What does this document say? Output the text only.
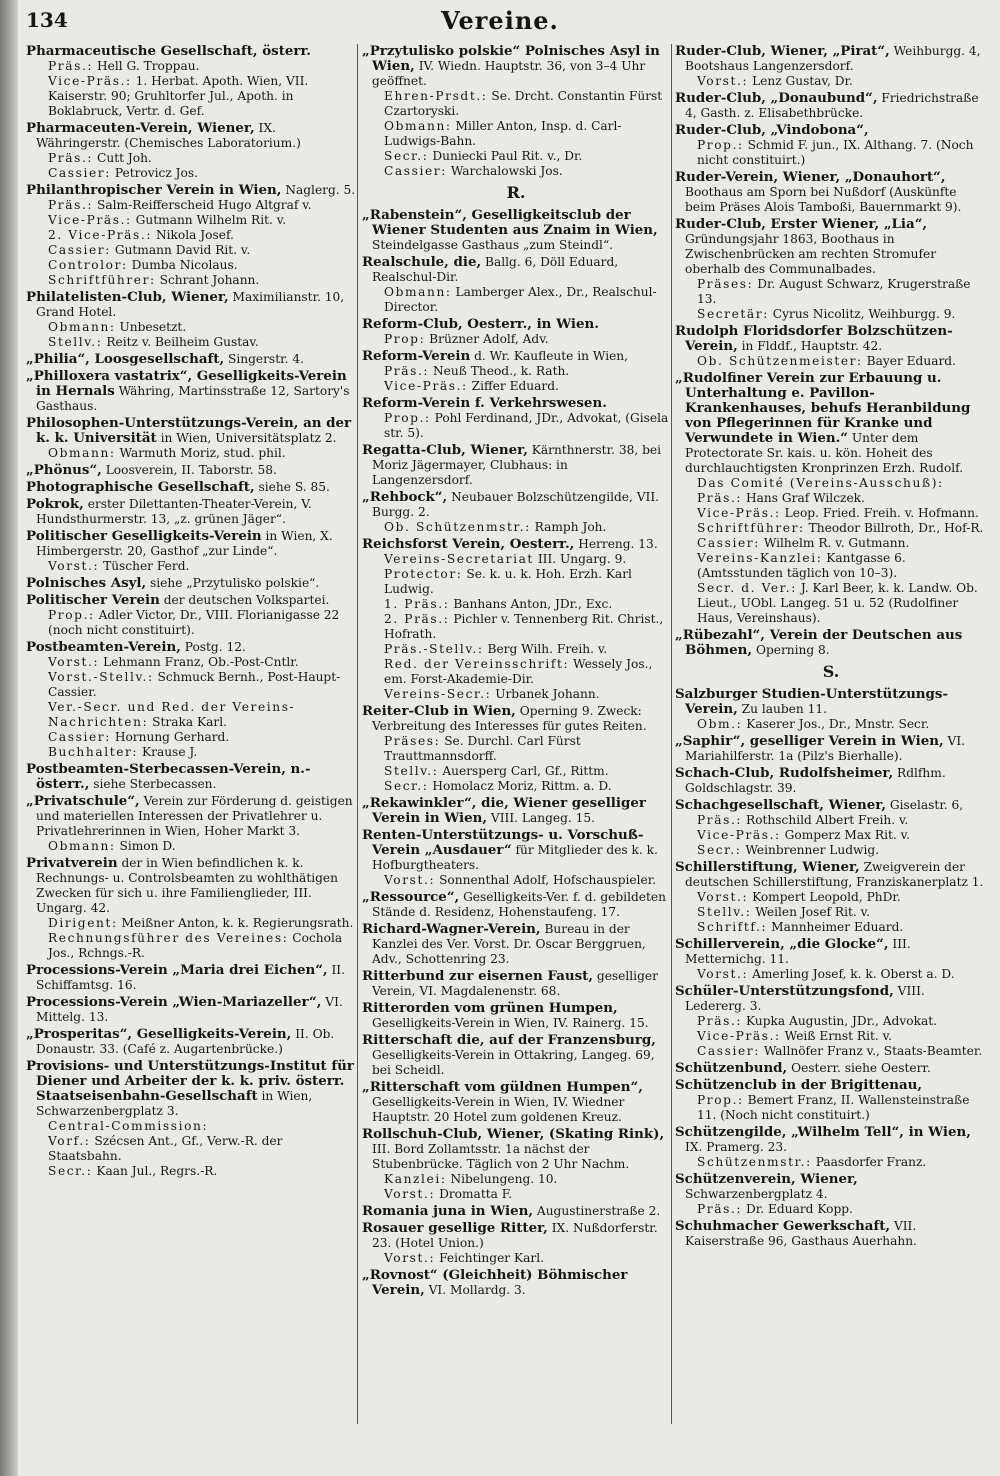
Vereine.
134
Pharmaceutische Gesellschaft, österr.
Präs.: Hell G. Troppau.
Vice-Präs.: 1. Herbat. Apoth. Wien, VII. Kaiserstr. 90; Gruhltorfer Jul., Apoth. in Boklabruck, Vertr. d. Gef.
Pharmaceuten-Verein, Wiener, IX. Währingerstr. (Chemisches Laboratorium.)
Präs.: Cutt Joh.
Cassier: Petrovicz Jos.
Philanthropischer Verein in Wien, Naglerg. 5.
Präs.: Salm-Reifferscheid Hugo Altgraf v.
Vice-Präs.: Gutmann Wilhelm Rit. v.
2. Vice-Präs.: Nikola Josef.
Cassier: Gutmann David Rit. v.
Controlor: Dumba Nicolaus.
Schriftführer: Schrant Johann.
Philatelisten-Club, Wiener, Maximilianstr. 10, Grand Hotel.
Obmann: Unbesetzt.
Stellv.: Reitz v. Beilheim Gustav.
„Philia“, Loosgesellschaft, Singerstr. 4.
„Philloxera vastatrix“, Geselligkeits-Verein in Hernals Währing, Martinsstraße 12, Sartory's Gasthaus.
Philosophen-Unterstützungs-Verein, an der k. k. Universität in Wien, Universitätsplatz 2.
Obmann: Warmuth Moriz, stud. phil.
„Phönus“, Loosverein, II. Taborstr. 58.
Photographische Gesellschaft, siehe S. 85.
Pokrok, erster Dilettanten-Theater-Verein, V. Hundsthurmerstr. 13, „z. grünen Jäger“.
Politischer Geselligkeits-Verein in Wien, X. Himbergerstr. 20, Gasthof „zur Linde“.
Vorst.: Tüscher Ferd.
Polnisches Asyl, siehe „Przytulisko polskie“.
Politischer Verein der deutschen Volkspartei.
Prop.: Adler Victor, Dr., VIII. Florianigasse 22 (noch nicht constituirt).
Postbeamten-Verein, Postg. 12.
Vorst.: Lehmann Franz, Ob.-Post-Cntlr.
Vorst.-Stellv.: Schmuck Bernh., Post-Haupt-Cassier.
Ver.-Secr. und Red. der Vereins-Nachrichten: Straka Karl.
Cassier: Hornung Gerhard.
Buchhalter: Krause J.
Postbeamten-Sterbecassen-Verein, n.-österr., siehe Sterbecassen.
„Privatschule“, Verein zur Förderung d. geistigen und materiellen Interessen der Privatlehrer u. Privatlehrerinnen in Wien, Hoher Markt 3.
Obmann: Simon D.
Privatverein der in Wien befindlichen k. k. Rechnungs- u. Controlsbeamten zu wohlthätigen Zwecken für sich u. ihre Familienglieder, III. Ungarg. 42.
Dirigent: Meißner Anton, k. k. Regierungsrath.
Rechnungsführer des Vereines: Cochola Jos., Rchngs.-R.
Processions-Verein „Maria drei Eichen“, II. Schiffamtsg. 16.
Processions-Verein „Wien-Mariazeller“, VI. Mittelg. 13.
„Prosperitas“, Geselligkeits-Verein, II. Ob. Donaustr. 33. (Café z. Augartenbrücke.)
Provisions- und Unterstützungs-Institut für Diener und Arbeiter der k. k. priv. österr. Staatseisenbahn-Gesellschaft in Wien, Schwarzenbergplatz 3.
Central-Commission:
Vorf.: Szécsen Ant., Gf., Verw.-R. der Staatsbahn.
Secr.: Kaan Jul., Regrs.-R.
„Przytulisko polskie“ Polnisches Asyl in Wien, IV. Wiedn. Hauptstr. 36, von 3–4 Uhr geöffnet.
Ehren-Prsdt.: Se. Drcht. Constantin Fürst Czartoryski.
Obmann: Miller Anton, Insp. d. Carl-Ludwigs-Bahn.
Secr.: Duniecki Paul Rit. v., Dr.
Cassier: Warchalowski Jos.
R.
„Rabenstein“, Geselligkeitsclub der Wiener Studenten aus Znaim in Wien, Steindelgasse Gasthaus „zum Steindl“.
Realschule, die, Ballg. 6, Döll Eduard, Realschul-Dir.
Obmann: Lamberger Alex., Dr., Realschul-Director.
Reform-Club, Oesterr., in Wien.
Prop: Brüzner Adolf, Adv.
Reform-Verein d. Wr. Kaufleute in Wien,
Präs.: Neuß Theod., k. Rath.
Vice-Präs.: Ziffer Eduard.
Reform-Verein f. Verkehrswesen.
Prop.: Pohl Ferdinand, JDr., Advokat, (Gisela str. 5).
Regatta-Club, Wiener, Kärnthnerstr. 38, bei Moriz Jägermayer, Clubhaus: in Langenzersdorf.
„Rehbock“, Neubauer Bolzschützengilde, VII. Burgg. 2.
Ob. Schützenmstr.: Ramph Joh.
Reichsforst Verein, Oesterr., Herreng. 13.
Vereins-Secretariat III. Ungarg. 9.
Protector: Se. k. u. k. Hoh. Erzh. Karl Ludwig.
1. Präs.: Banhans Anton, JDr., Exc.
2. Präs.: Pichler v. Tennenberg Rit. Christ., Hofrath.
Präs.-Stellv.: Berg Wilh. Freih. v.
Red. der Vereinsschrift: Wessely Jos., em. Forst-Akademie-Dir.
Vereins-Secr.: Urbanek Johann.
Reiter-Club in Wien, Operning 9. Zweck: Verbreitung des Interesses für gutes Reiten.
Präses: Se. Durchl. Carl Fürst Trauttmannsdorff.
Stellv.: Auersperg Carl, Gf., Rittm.
Secr.: Homolacz Moriz, Rittm. a. D.
„Rekawinkler“, die, Wiener geselliger Verein in Wien, VIII. Langeg. 15.
Renten-Unterstützungs- u. Vorschuß-Verein „Ausdauer“ für Mitglieder des k. k. Hofburgtheaters.
Vorst.: Sonnenthal Adolf, Hofschauspieler.
„Ressource“, Geselligkeits-Ver. f. d. gebildeten Stände d. Residenz, Hohenstaufeng. 17.
Richard-Wagner-Verein, Bureau in der Kanzlei des Ver. Vorst. Dr. Oscar Berggruen, Adv., Schottenring 23.
Ritterbund zur eisernen Faust, geselliger Verein, VI. Magdalenenstr. 68.
Ritterorden vom grünen Humpen, Geselligkeits-Verein in Wien, IV. Rainerg. 15.
Ritterschaft die, auf der Franzensburg, Geselligkeits-Verein in Ottakring, Langeg. 69, bei Scheidl.
„Ritterschaft vom güldnen Humpen“, Geselligkeits-Verein in Wien, IV. Wiedner Hauptstr. 20 Hotel zum goldenen Kreuz.
Rollschuh-Club, Wiener, (Skating Rink), III. Bord Zollamtsstr. 1a nächst der Stubenbrücke. Täglich von 2 Uhr Nachm.
Kanzlei: Nibelungeng. 10.
Vorst.: Dromatta F.
Romania juna in Wien, Augustinerstraße 2.
Rosauer gesellige Ritter, IX. Nußdorferstr. 23. (Hotel Union.)
Vorst.: Feichtinger Karl.
„Rovnost“ (Gleichheit) Böhmischer Verein, VI. Mollardg. 3.
Ruder-Club, Wiener, „Pirat“, Weihburgg. 4, Bootshaus Langenzersdorf.
Vorst.: Lenz Gustav, Dr.
Ruder-Club, „Donaubund“, Friedrichstraße 4, Gasth. z. Elisabethbrücke.
Ruder-Club, „Vindobona“,
Prop.: Schmid F. jun., IX. Althang. 7. (Noch nicht constituirt.)
Ruder-Verein, Wiener, „Donauhort“, Boothaus am Sporn bei Nußdorf (Auskünfte beim Präses Alois Tamboßi, Bauernmarkt 9).
Ruder-Club, Erster Wiener, „Lia“, Gründungsjahr 1863, Boothaus in Zwischenbrücken am rechten Stromufer oberhalb des Communalbades.
Präses: Dr. August Schwarz, Krugerstraße 13.
Secretär: Cyrus Nicolitz, Weihburgg. 9.
Rudolph Floridsdorfer Bolzschützen-Verein, in Flddf., Hauptstr. 42.
Ob. Schützenmeister: Bayer Eduard.
„Rudolfiner Verein zur Erbauung u. Unterhaltung e. Pavillon-Krankenhauses, behufs Heranbildung von Pflegerinnen für Kranke und Verwundete in Wien.“ Unter dem Protectorate Sr. kais. u. kön. Hoheit des durchlauchtigsten Kronprinzen Erzh. Rudolf.
Das Comité (Vereins-Ausschuß):
Präs.: Hans Graf Wilczek.
Vice-Präs.: Leop. Fried. Freih. v. Hofmann.
Schriftführer: Theodor Billroth, Dr., Hof-R.
Cassier: Wilhelm R. v. Gutmann.
Vereins-Kanzlei: Kantgasse 6. (Amtsstunden täglich von 10–3).
Secr. d. Ver.: J. Karl Beer, k. k. Landw. Ob. Lieut., UObl. Langeg. 51 u. 52 (Rudolfiner Haus, Vereinshaus).
„Rübezahl“, Verein der Deutschen aus Böhmen, Operning 8.
S.
Salzburger Studien-Unterstützungs-Verein, Zu lauben 11.
Obm.: Kaserer Jos., Dr., Mnstr. Secr.
„Saphir“, geselliger Verein in Wien, VI. Mariahilferstr. 1a (Pilz's Bierhalle).
Schach-Club, Rudolfsheimer, Rdlfhm. Goldschlagstr. 39.
Schachgesellschaft, Wiener, Giselastr. 6,
Präs.: Rothschild Albert Freih. v.
Vice-Präs.: Gomperz Max Rit. v.
Secr.: Weinbrenner Ludwig.
Schillerstiftung, Wiener, Zweigverein der deutschen Schillerstiftung, Franziskanerplatz 1.
Vorst.: Kompert Leopold, PhDr.
Stellv.: Weilen Josef Rit. v.
Schriftf.: Mannheimer Eduard.
Schillerverein, „die Glocke“, III. Metternichg. 11.
Vorst.: Amerling Josef, k. k. Oberst a. D.
Schüler-Unterstützungsfond, VIII. Ledererg. 3.
Präs.: Kupka Augustin, JDr., Advokat.
Vice-Präs.: Weiß Ernst Rit. v.
Cassier: Wallnöfer Franz v., Staats-Beamter.
Schützenbund, Oesterr. siehe Oesterr.
Schützenclub in der Brigittenau,
Prop.: Bemert Franz, II. Wallensteinstraße 11. (Noch nicht constituirt.)
Schützengilde, „Wilhelm Tell“, in Wien, IX. Pramerg. 23.
Schützenmstr.: Paasdorfer Franz.
Schützenverein, Wiener, Schwarzenbergplatz 4.
Präs.: Dr. Eduard Kopp.
Schuhmacher Gewerkschaft, VII. Kaiserstraße 96, Gasthaus Auerhahn.
